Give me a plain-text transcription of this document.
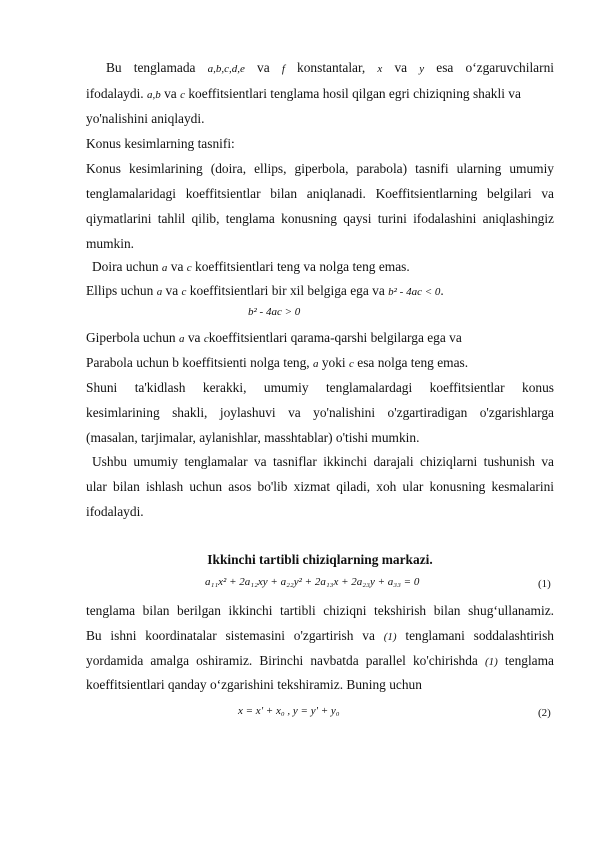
Bu tenglamada a,b,c,d,e va f konstantalar, x va y esa o‘zgaruvchilarni
ifodalaydi. a,b va c koeffitsientlari tenglama hosil qilgan egri chiziqning shakli va
yo'nalishini aniqlaydi.
Konus kesimlarning tasnifi:
Konus kesimlarining (doira, ellips, giperbola, parabola) tasnifi ularning umumiy
tenglamalaridagi koeffitsientlar bilan aniqlanadi. Koeffitsientlarning belgilari va
qiymatlarini tahlil qilib, tenglama konusning qaysi turini ifodalashini aniqlashingiz
mumkin.
Doira uchun a va c koeffitsientlari teng va nolga teng emas.
Ellips uchun a va c koeffitsientlari bir xil belgiga ega va b² - 4ac < 0.
b² - 4ac > 0
Giperbola uchun a va ckoeffitsientlari qarama-qarshi belgilarga ega va
Parabola uchun b koeffitsienti nolga teng, a yoki c esa nolga teng emas.
Shuni ta'kidlash kerakki, umumiy tenglamalardagi koeffitsientlar konus
kesimlarining shakli, joylashuvi va yo'nalishini o'zgartiradigan o'zgarishlarga
(masalan, tarjimalar, aylanishlar, masshtablar) o'tishi mumkin.
Ushbu umumiy tenglamalar va tasniflar ikkinchi darajali chiziqlarni tushunish va
ular bilan ishlash uchun asos bo'lib xizmat qiladi, xoh ular konusning kesmalarini
ifodalaydi.
Ikkinchi tartibli chiziqlarning markazi.
a₁₁x² + 2a₁₂xy + a₂₂y² + 2a₁₃x + 2a₂₃y + a₃₃ = 0	(1)
tenglama bilan berilgan ikkinchi tartibli chiziqni tekshirish bilan shug‘ullanamiz.
Bu ishni koordinatalar sistemasini o'zgartirish va (1) tenglamani soddalashtirish
yordamida amalga oshiramiz. Birinchi navbatda parallel ko'chirishda (1) tenglama
koeffitsientlari qanday o‘zgarishini tekshiramiz. Buning uchun
x = x' + x₀ , y = y' + y₀	(2)
